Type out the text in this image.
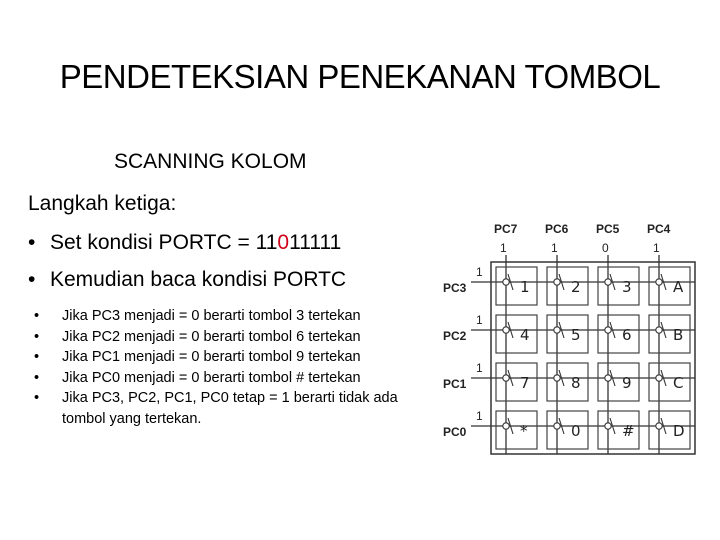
PENDETEKSIAN PENEKANAN TOMBOL
SCANNING KOLOM
Langkah ketiga:
• Set kondisi PORTC = 11011111
• Kemudian baca kondisi PORTC
• Jika PC3 menjadi = 0 berarti tombol 3 tertekan
• Jika PC2 menjadi = 0 berarti tombol 6 tertekan
• Jika PC1 menjadi = 0 berarti tombol 9 tertekan
• Jika PC0 menjadi = 0 berarti tombol # tertekan
• Jika PC3, PC2, PC1, PC0 tetap = 1 berarti tidak ada tombol yang tertekan.
PC7
1
PC6
1
PC5
0
PC4
1
PC3
1
1	2	3	A
PC2
1
4	5	6	B
PC1
1
7	8	9	C
PC0
1
*	0	#	D
